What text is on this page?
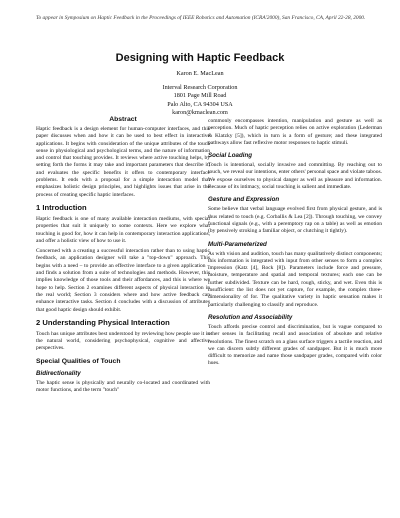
To appear in Symposium on Haptic Feedback in the Proceedings of IEEE Robotics and Automation (ICRA'2000), San Francisco, CA, April 22-28, 2000.
Designing with Haptic Feedback
Karon E. MacLean
Interval Research Corporation
1801 Page Mill Road
Palo Alto, CA 94304 USA
karon@kmaclean.com
Abstract

Haptic feedback is a design element for human-computer interfaces, and this paper discusses when and how it can be used to best effect in interactive applications. It begins with consideration of the unique attributes of the touch sense in physiological and psychological terms, and the nature of information and control that touching provides. It reviews where active touching helps, by setting forth the forms it may take and important parameters that describe it; and evaluates the specific benefits it offers to contemporary interface problems. It ends with a proposal for a simple interaction model that emphasizes holistic design principles, and highlights issues that arise in the process of creating specific haptic interfaces.

1 Introduction

Haptic feedback is one of many available interaction mediums, with special properties that suit it uniquely to some contexts. Here we explore what touching is good for, how it can help in contemporary interaction applications, and offer a holistic view of how to use it.

Concerned with a creating a successful interaction rather than to using haptic feedback, an application designer will take a "top-down" approach. This begins with a need – to provide an effective interface to a given application – and finds a solution from a suite of technologies and methods. However, this implies knowledge of those tools and their affordances, and this is where we hope to help. Section 2 examines different aspects of physical interaction in the real world; Section 3 considers where and how active feedback can enhance interactive tasks. Section 4 concludes with a discussion of attributes that good haptic design should exhibit.

2 Understanding Physical Interaction

Touch has unique attributes best understood by reviewing how people use it in the natural world, considering psychophysical, cognitive and affective perspectives.

Special Qualities of Touch
Bidirectionality

The haptic sense is physically and neurally co-located and coordinated with motor functions, and the term "touch"

commonly encompasses intention, manipulation and gesture as well as perception. Much of haptic perception relies on active exploration (Lederman & Klatzky [5]), which in turn is a form of gesture; and these integrated pathways allow fast reflexive motor responses to haptic stimuli.

Social Loading

Touch is intentional, socially invasive and committing. By reaching out to touch, we reveal our intentions, enter others' personal space and violate taboos. We expose ourselves to physical danger as well as pleasure and information. Because of its intimacy, social touching is salient and immediate.

Gesture and Expression

Some believe that verbal language evolved first from physical gesture, and is thus related to touch (e.g. Corballis & Lea [2]). Through touching, we convey functional signals (e.g., with a peremptory rap on a table) as well as emotion (by pensively stroking a familiar object, or clutching it tightly).

Multi-Parameterized

As with vision and audition, touch has many qualitatively distinct components; this information is integrated with input from other senses to form a complex impression (Katz [4], Rock [8]). Parameters include force and pressure, moisture, temperature and spatial and temporal textures; each one can be further subdivided. Texture can be hard, rough, sticky, and wet. Even this is insufficient: the list does not yet capture, for example, the complex three-dimensionality of for. The qualitative variety in haptic sensation makes it particularly challenging to classify and reproduce.

Resolution and Associability

Touch affords precise control and discrimination, but is vague compared to other senses in facilitating recall and association of absolute and relative resolutions. The finest scratch on a glass surface triggers a tactile reaction, and we can discern subtly different grades of sandpaper. But it is much more difficult to memorize and name those sandpaper grades, compared with color hues.
